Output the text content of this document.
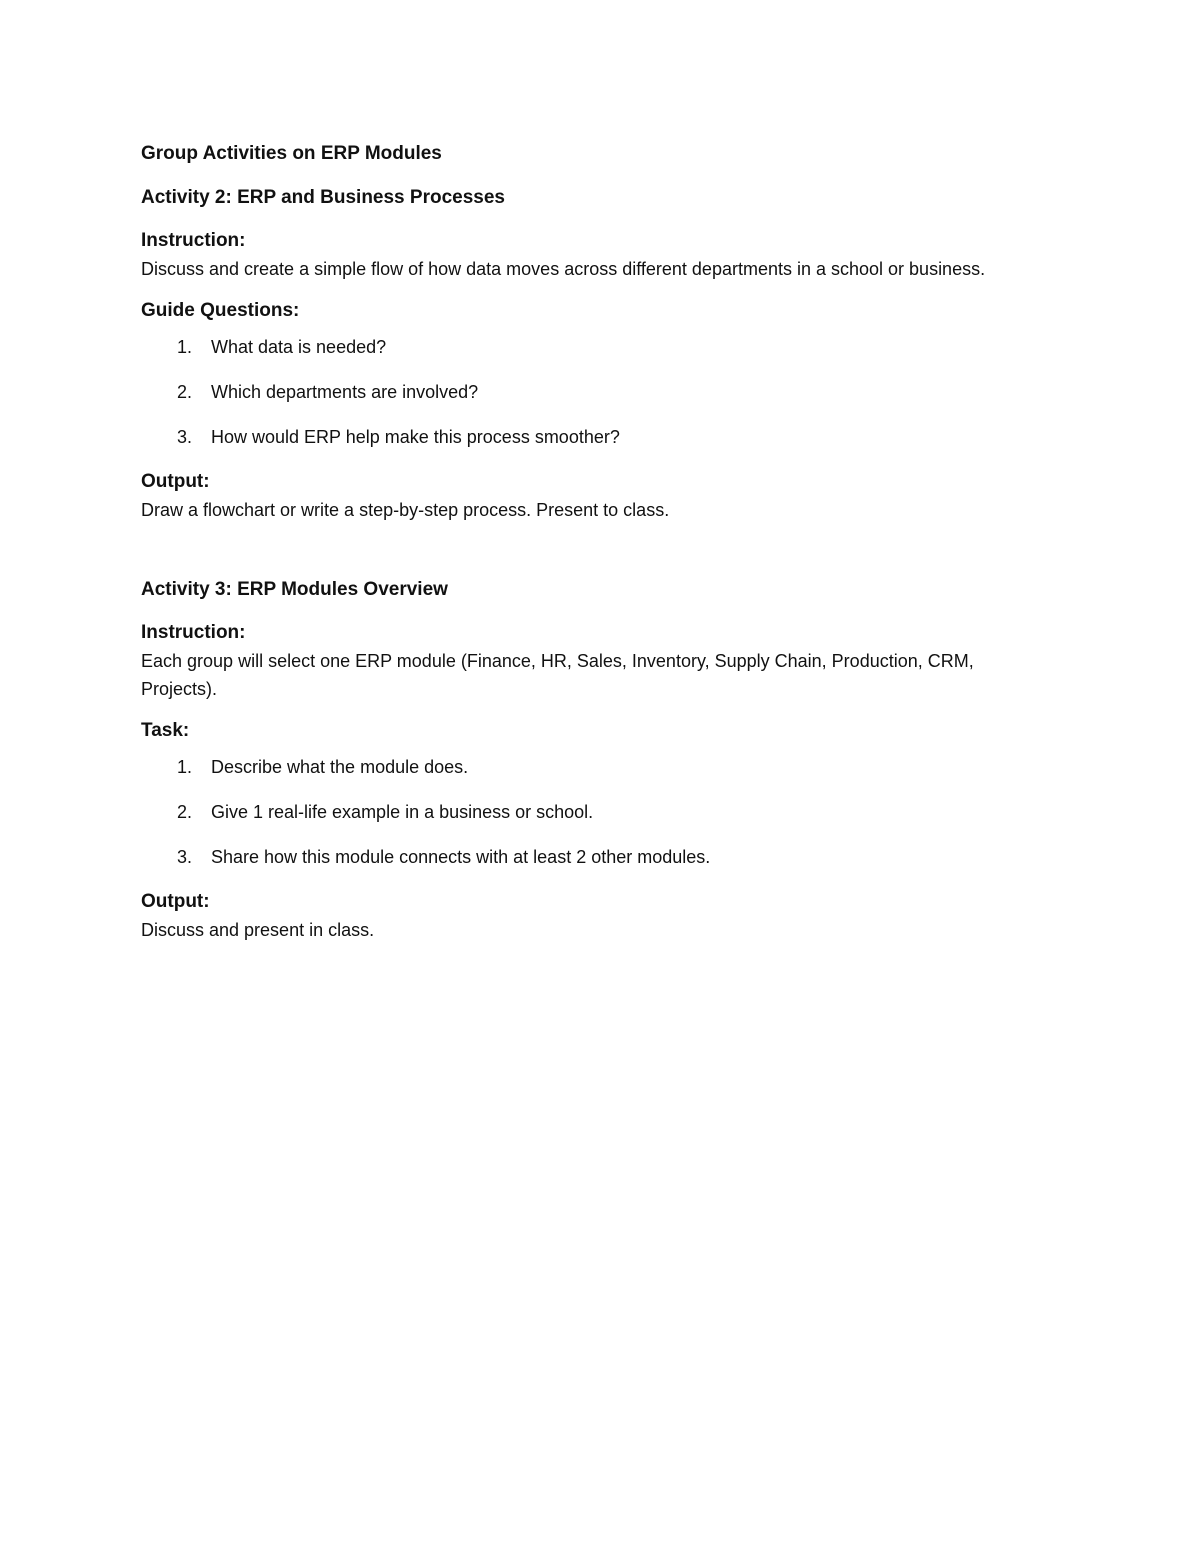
Group Activities on ERP Modules

Activity 2: ERP and Business Processes

Instruction:

Discuss and create a simple flow of how data moves across different departments in a school or business.

Guide Questions:

1. What data is needed?
2. Which departments are involved?
3. How would ERP help make this process smoother?

Output:

Draw a flowchart or write a step-by-step process. Present to class.

Activity 3: ERP Modules Overview

Instruction:

Each group will select one ERP module (Finance, HR, Sales, Inventory, Supply Chain, Production, CRM, Projects).

Task:

1. Describe what the module does.
2. Give 1 real-life example in a business or school.
3. Share how this module connects with at least 2 other modules.

Output:

Discuss and present in class.
